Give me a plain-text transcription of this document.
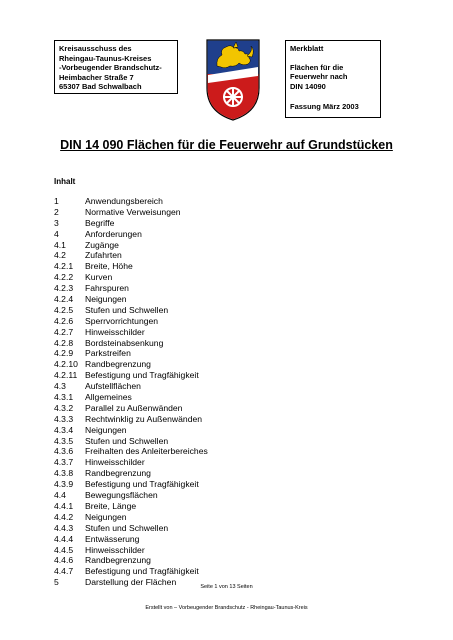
Kreisausschuss des
Rheingau-Taunus-Kreises
-Vorbeugender Brandschutz-
Heimbacher Straße 7
65307 Bad Schwalbach
Merkblatt
Flächen für die
Feuerwehr nach
DIN 14090
Fassung März 2003
DIN 14 090 Flächen für die Feuerwehr auf Grundstücken
Inhalt
1	Anwendungsbereich
2	Normative Verweisungen
3	Begriffe
4	Anforderungen
4.1 Zugänge
4.2 Zufahrten
4.2.1 Breite, Höhe
4.2.2 Kurven
4.2.3 Fahrspuren
4.2.4 Neigungen
4.2.5 Stufen und Schwellen
4.2.6 Sperrvorrichtungen
4.2.7 Hinweisschilder
4.2.8 Bordsteinabsenkung
4.2.9 Parkstreifen
4.2.10 Randbegrenzung
4.2.11 Befestigung und Tragfähigkeit
4.3 Aufstellflächen
4.3.1 Allgemeines
4.3.2 Parallel zu Außenwänden
4.3.3 Rechtwinklig zu Außenwänden
4.3.4 Neigungen
4.3.5 Stufen und Schwellen
4.3.6 Freihalten des Anleiterbereiches
4.3.7 Hinweisschilder
4.3.8 Randbegrenzung
4.3.9 Befestigung und Tragfähigkeit
4.4 Bewegungsflächen
4.4.1 Breite, Länge
4.4.2 Neigungen
4.4.3 Stufen und Schwellen
4.4.4 Entwässerung
4.4.5 Hinweisschilder
4.4.6 Randbegrenzung
4.4.7 Befestigung und Tragfähigkeit
5	Darstellung der Flächen	Seite 1 von 13 Seiten
Erstellt von – Vorbeugender Brandschutz - Rheingau-Taunus-Kreis
